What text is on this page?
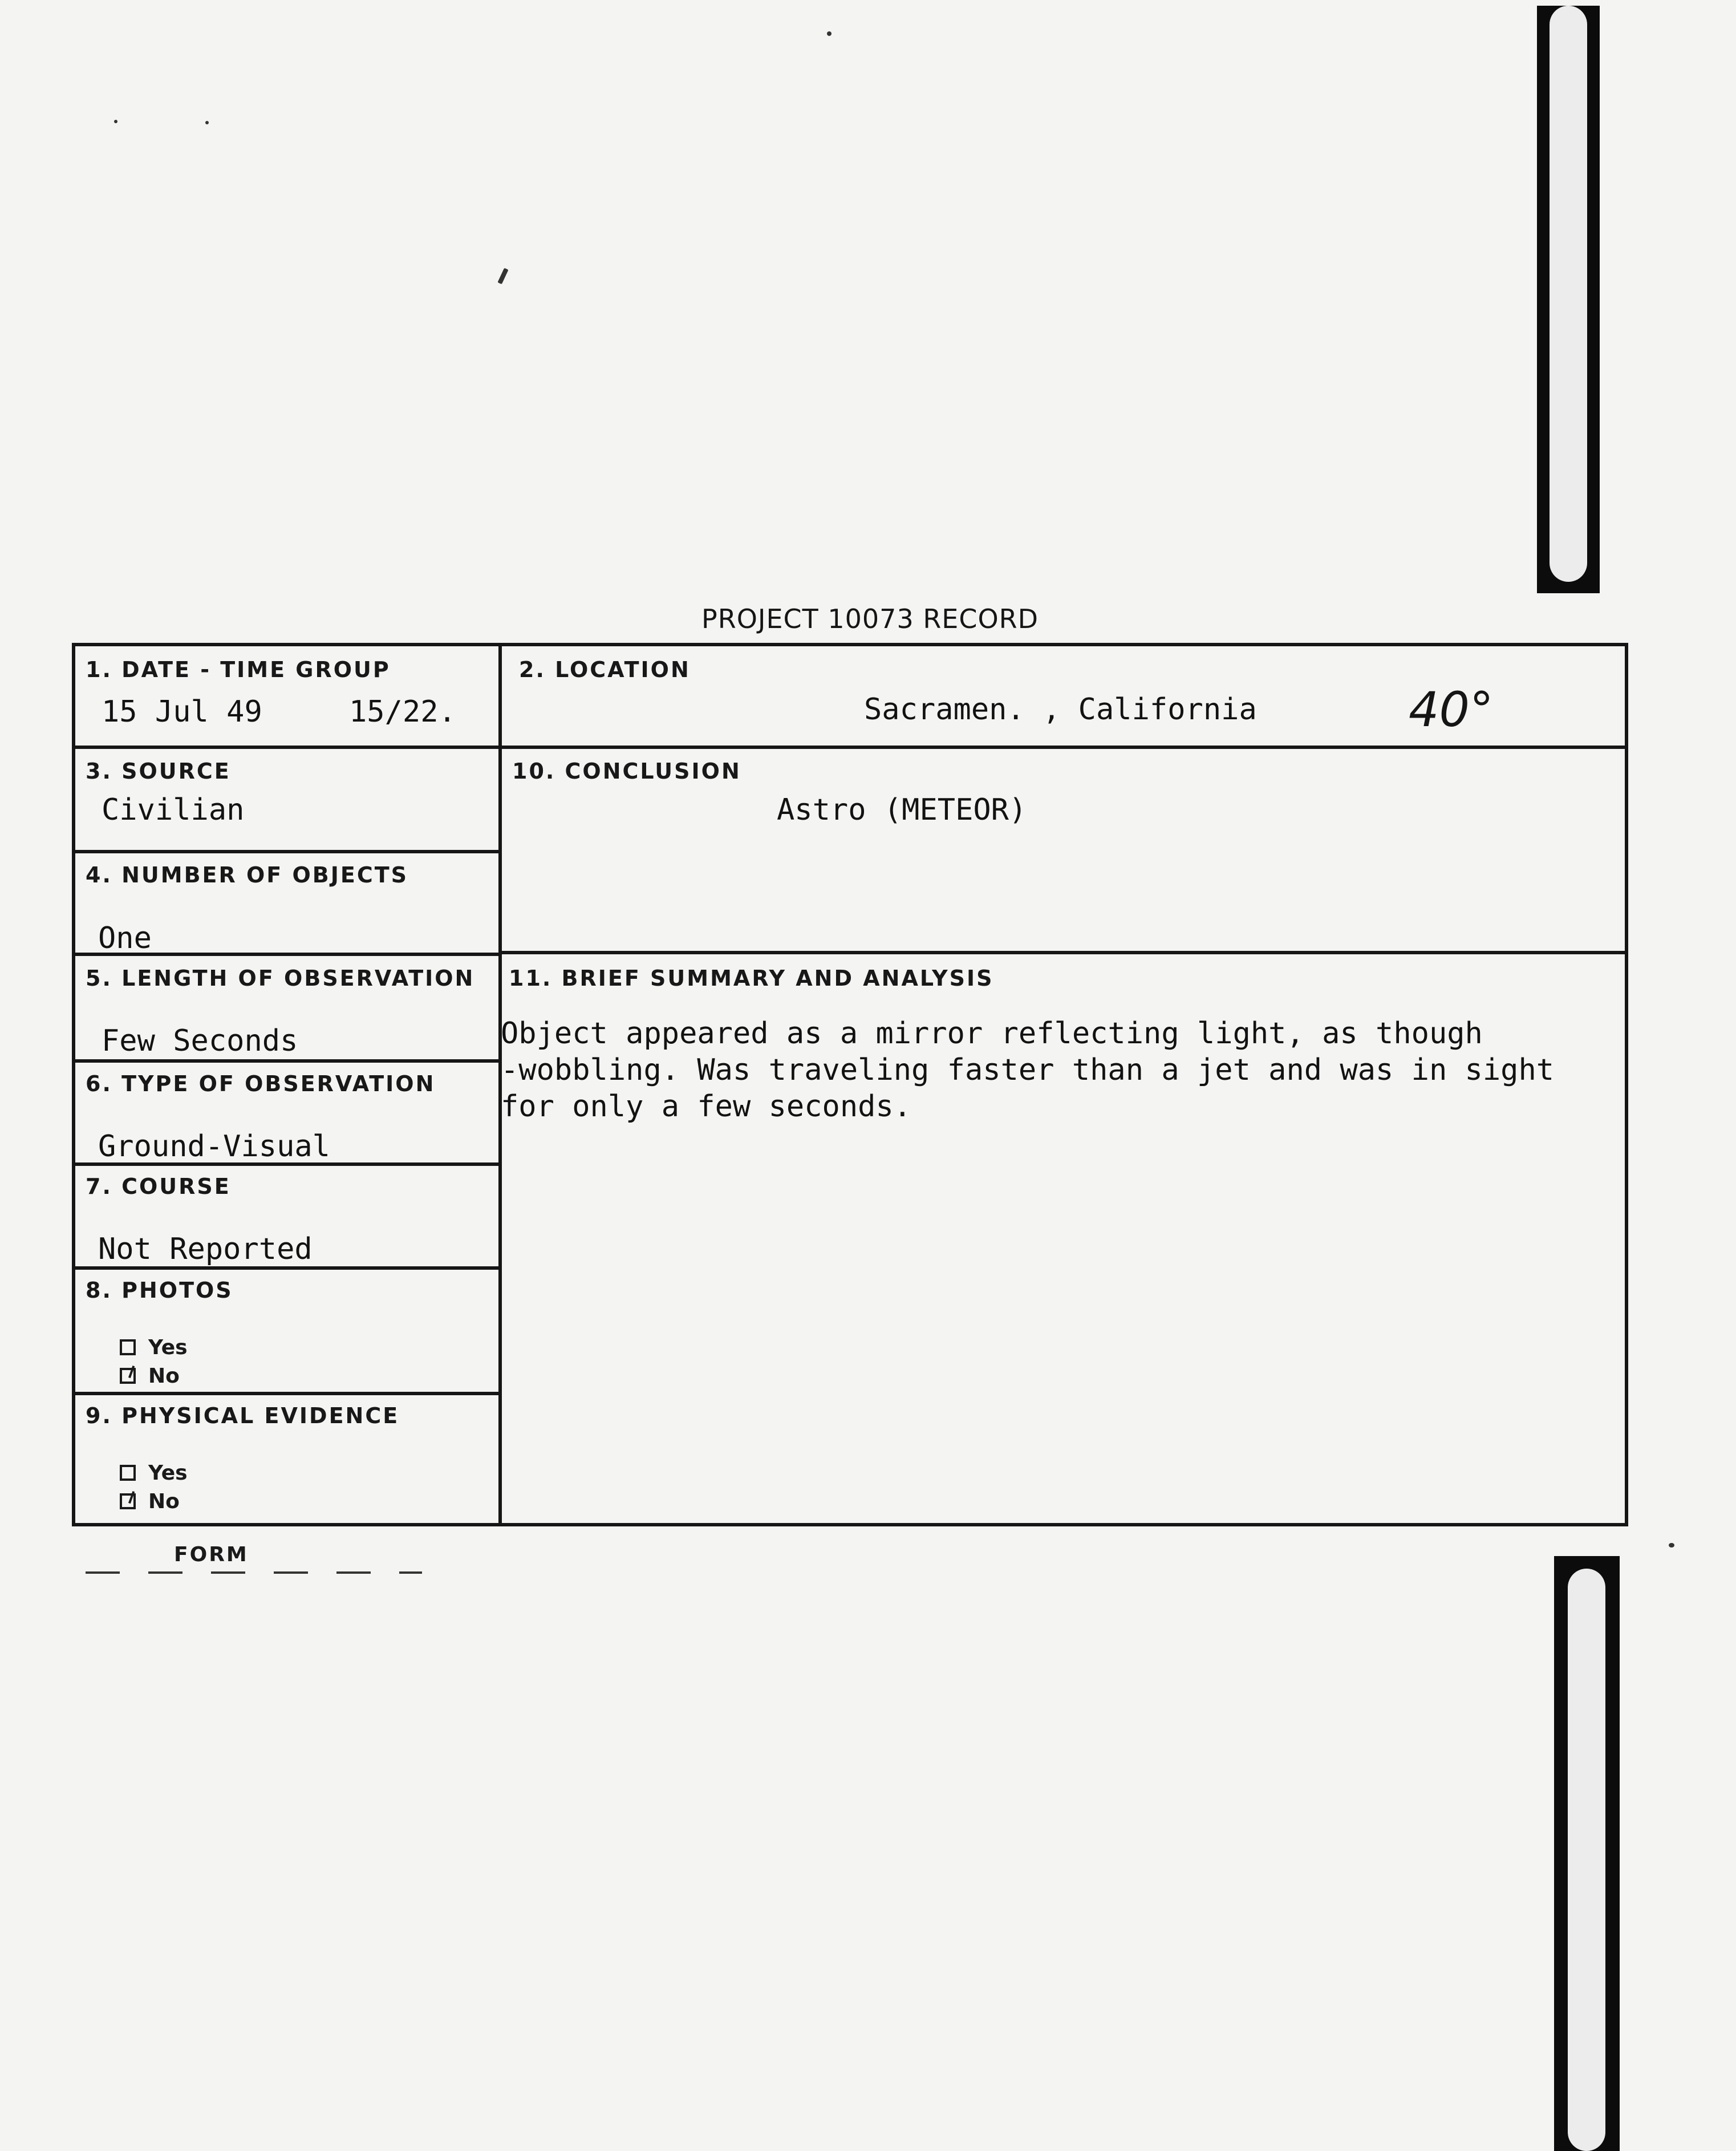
PROJECT 10073 RECORD
40°
1. DATE - TIME GROUP
15 Jul 49	15/22.
2. LOCATION
Sacramen. , California
3. SOURCE
Civilian
10. CONCLUSION
Astro (METEOR)
4. NUMBER OF OBJECTS
One
5. LENGTH OF OBSERVATION
Few Seconds
11. BRIEF SUMMARY AND ANALYSIS
Object appeared as a mirror reflecting light, as though
-wobbling. Was traveling faster than a jet and was in sight
for only a few seconds.
6. TYPE OF OBSERVATION
Ground-Visual
7. COURSE
Not Reported
8. PHOTOS
Yes
No
9. PHYSICAL EVIDENCE
Yes
No
FORM
